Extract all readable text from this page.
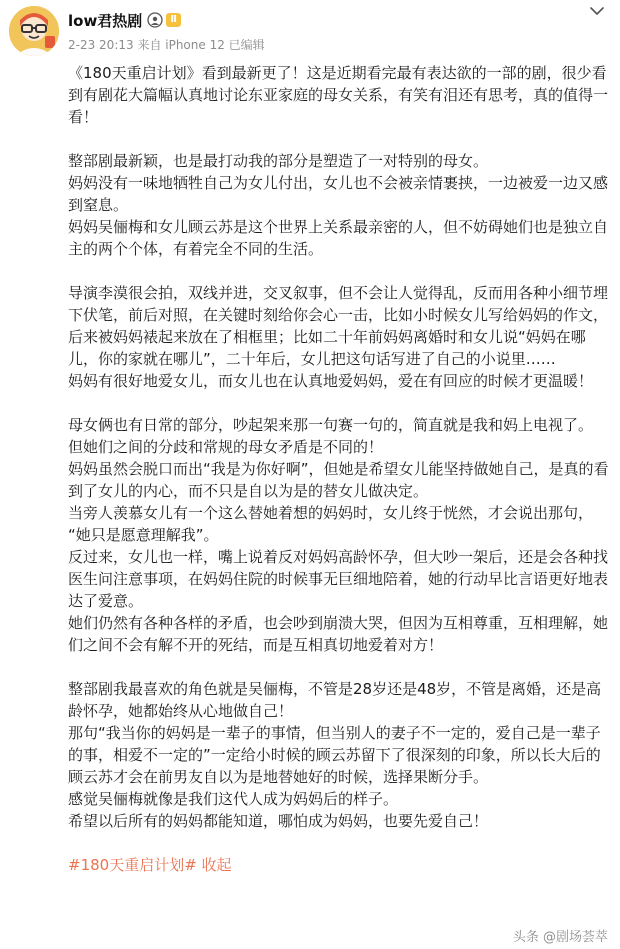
low君热剧	Ⅱ
2-23 20:13 来自 iPhone 12 已编辑

《180天重启计划》看到最新更了！这是近期看完最有表达欲的一部的剧，很少看

到有剧花大篇幅认真地讨论东亚家庭的母女关系，有笑有泪还有思考，真的值得一

看！

整部剧最新颖，也是最打动我的部分是塑造了一对特别的母女。

妈妈没有一味地牺牲自己为女儿付出，女儿也不会被亲情裹挟，一边被爱一边又感

到窒息。

妈妈吴俪梅和女儿顾云苏是这个世界上关系最亲密的人，但不妨碍她们也是独立自

主的两个个体，有着完全不同的生活。

导演李漠很会拍，双线并进，交叉叙事，但不会让人觉得乱，反而用各种小细节埋

下伏笔，前后对照，在关键时刻给你会心一击，比如小时候女儿写给妈妈的作文，

后来被妈妈裱起来放在了相框里；比如二十年前妈妈离婚时和女儿说“妈妈在哪

儿，你的家就在哪儿”，二十年后，女儿把这句话写进了自己的小说里……

妈妈有很好地爱女儿，而女儿也在认真地爱妈妈，爱在有回应的时候才更温暖！

母女俩也有日常的部分，吵起架来那一句赛一句的，简直就是我和妈上电视了。

但她们之间的分歧和常规的母女矛盾是不同的！

妈妈虽然会脱口而出“我是为你好啊”，但她是希望女儿能坚持做她自己，是真的看

到了女儿的内心，而不只是自以为是的替女儿做决定。

当旁人羡慕女儿有一个这么替她着想的妈妈时，女儿终于恍然，才会说出那句，

“她只是愿意理解我”。

反过来，女儿也一样，嘴上说着反对妈妈高龄怀孕，但大吵一架后，还是会各种找

医生问注意事项，在妈妈住院的时候事无巨细地陪着，她的行动早比言语更好地表

达了爱意。

她们仍然有各种各样的矛盾，也会吵到崩溃大哭，但因为互相尊重，互相理解，她

们之间不会有解不开的死结，而是互相真切地爱着对方！

整部剧我最喜欢的角色就是吴俪梅，不管是28岁还是48岁，不管是离婚，还是高

龄怀孕，她都始终从心地做自己！

那句“我当你的妈妈是一辈子的事情，但当别人的妻子不一定的，爱自己是一辈子

的事，相爱不一定的”一定给小时候的顾云苏留下了很深刻的印象，所以长大后的

顾云苏才会在前男友自以为是地替她好的时候，选择果断分手。

感觉吴俪梅就像是我们这代人成为妈妈后的样子。

希望以后所有的妈妈都能知道，哪怕成为妈妈，也要先爱自己！

#180天重启计划# 收起

头条 @剧场荟萃
